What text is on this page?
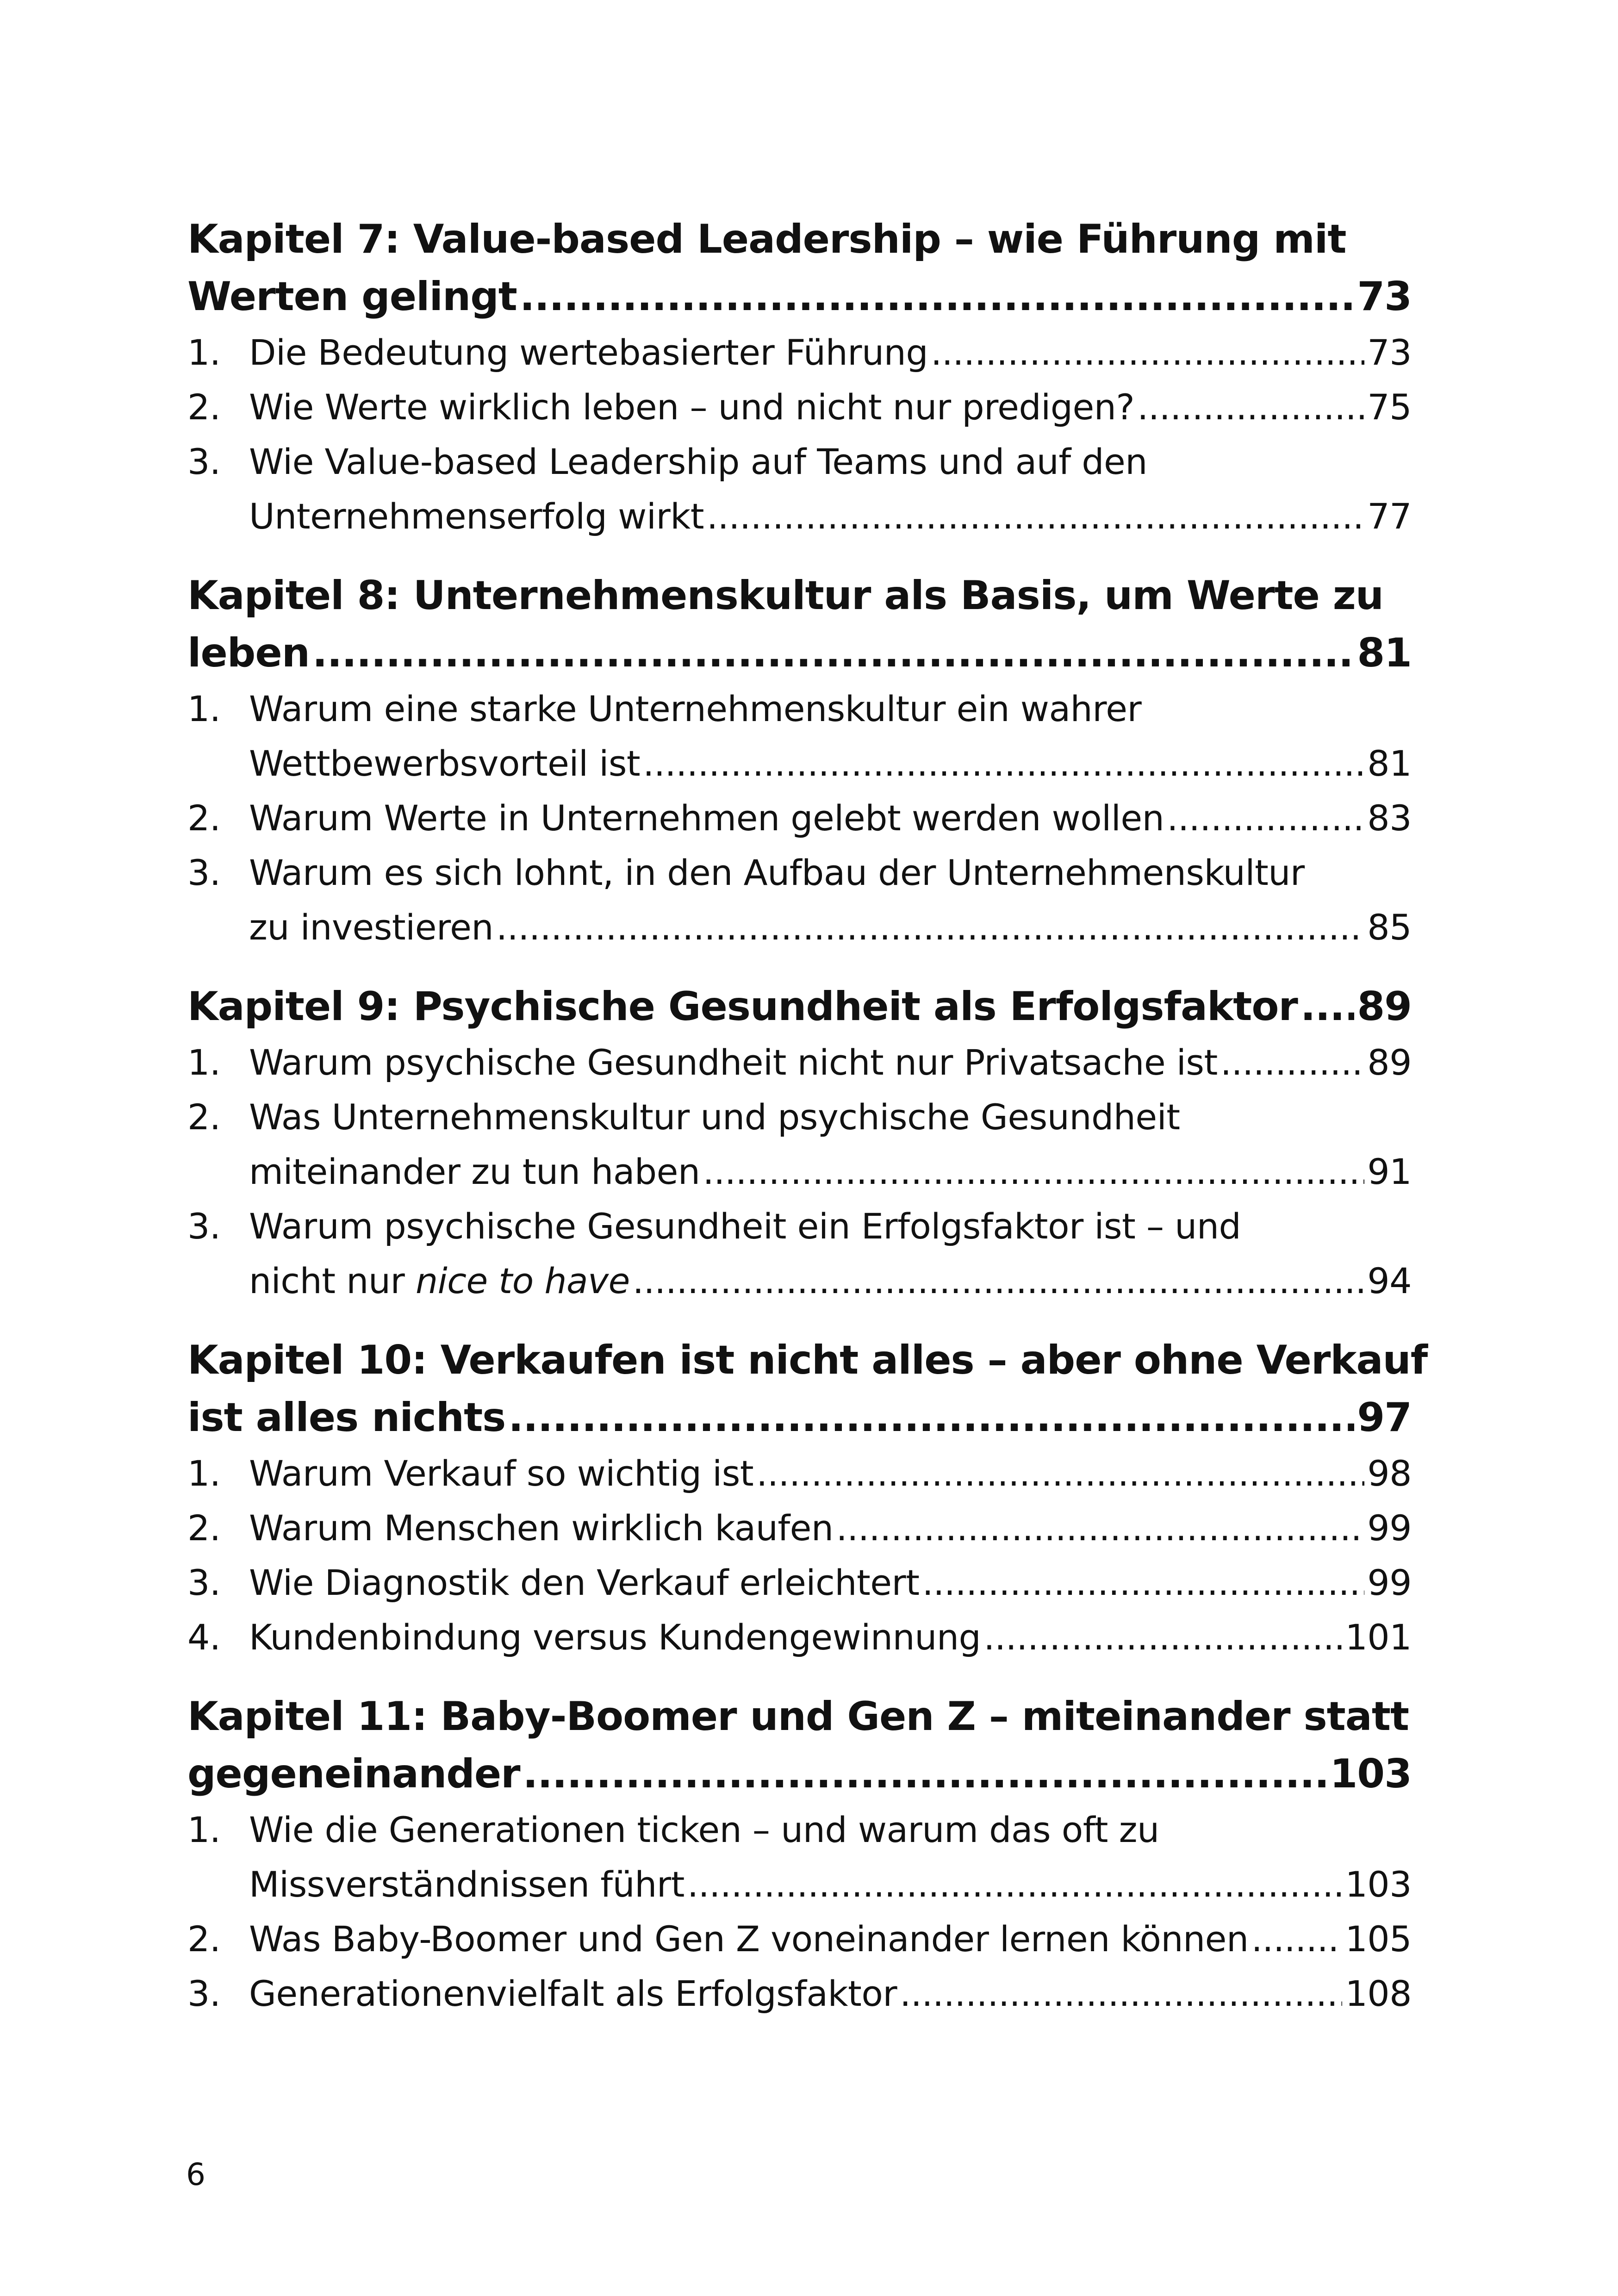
Kapitel 7: Value-based Leadership – wie Führung mit
Werten gelingt .....	73
1. Die Bedeutung wertebasierter Führung .....	73
2. Wie Werte wirklich leben – und nicht nur predigen? .....	75
3. Wie Value-based Leadership auf Teams und auf den
Unternehmenserfolg wirkt .....	77
Kapitel 8: Unternehmenskultur als Basis, um Werte zu
leben .....	81
1. Warum eine starke Unternehmenskultur ein wahrer
Wettbewerbsvorteil ist .....	81
2. Warum Werte in Unternehmen gelebt werden wollen .....	83
3. Warum es sich lohnt, in den Aufbau der Unternehmenskultur
zu investieren .....	85
Kapitel 9: Psychische Gesundheit als Erfolgsfaktor ..... 89
1. Warum psychische Gesundheit nicht nur Privatsache ist .....	89
2. Was Unternehmenskultur und psychische Gesundheit
miteinander zu tun haben .....	91
3. Warum psychische Gesundheit ein Erfolgsfaktor ist – und
nicht nur nice to have .....	94
Kapitel 10: Verkaufen ist nicht alles – aber ohne Verkauf
ist alles nichts .....	97
1. Warum Verkauf so wichtig ist .....	98
2. Warum Menschen wirklich kaufen .....	99
3. Wie Diagnostik den Verkauf erleichtert .....	99
4. Kundenbindung versus Kundengewinnung .....	101
Kapitel 11: Baby-Boomer und Gen Z – miteinander statt
gegeneinander .....	103
1. Wie die Generationen ticken – und warum das oft zu
Missverständnissen führt .....	103
2. Was Baby-Boomer und Gen Z voneinander lernen können .....	105
3. Generationenvielfalt als Erfolgsfaktor .....	108
6
